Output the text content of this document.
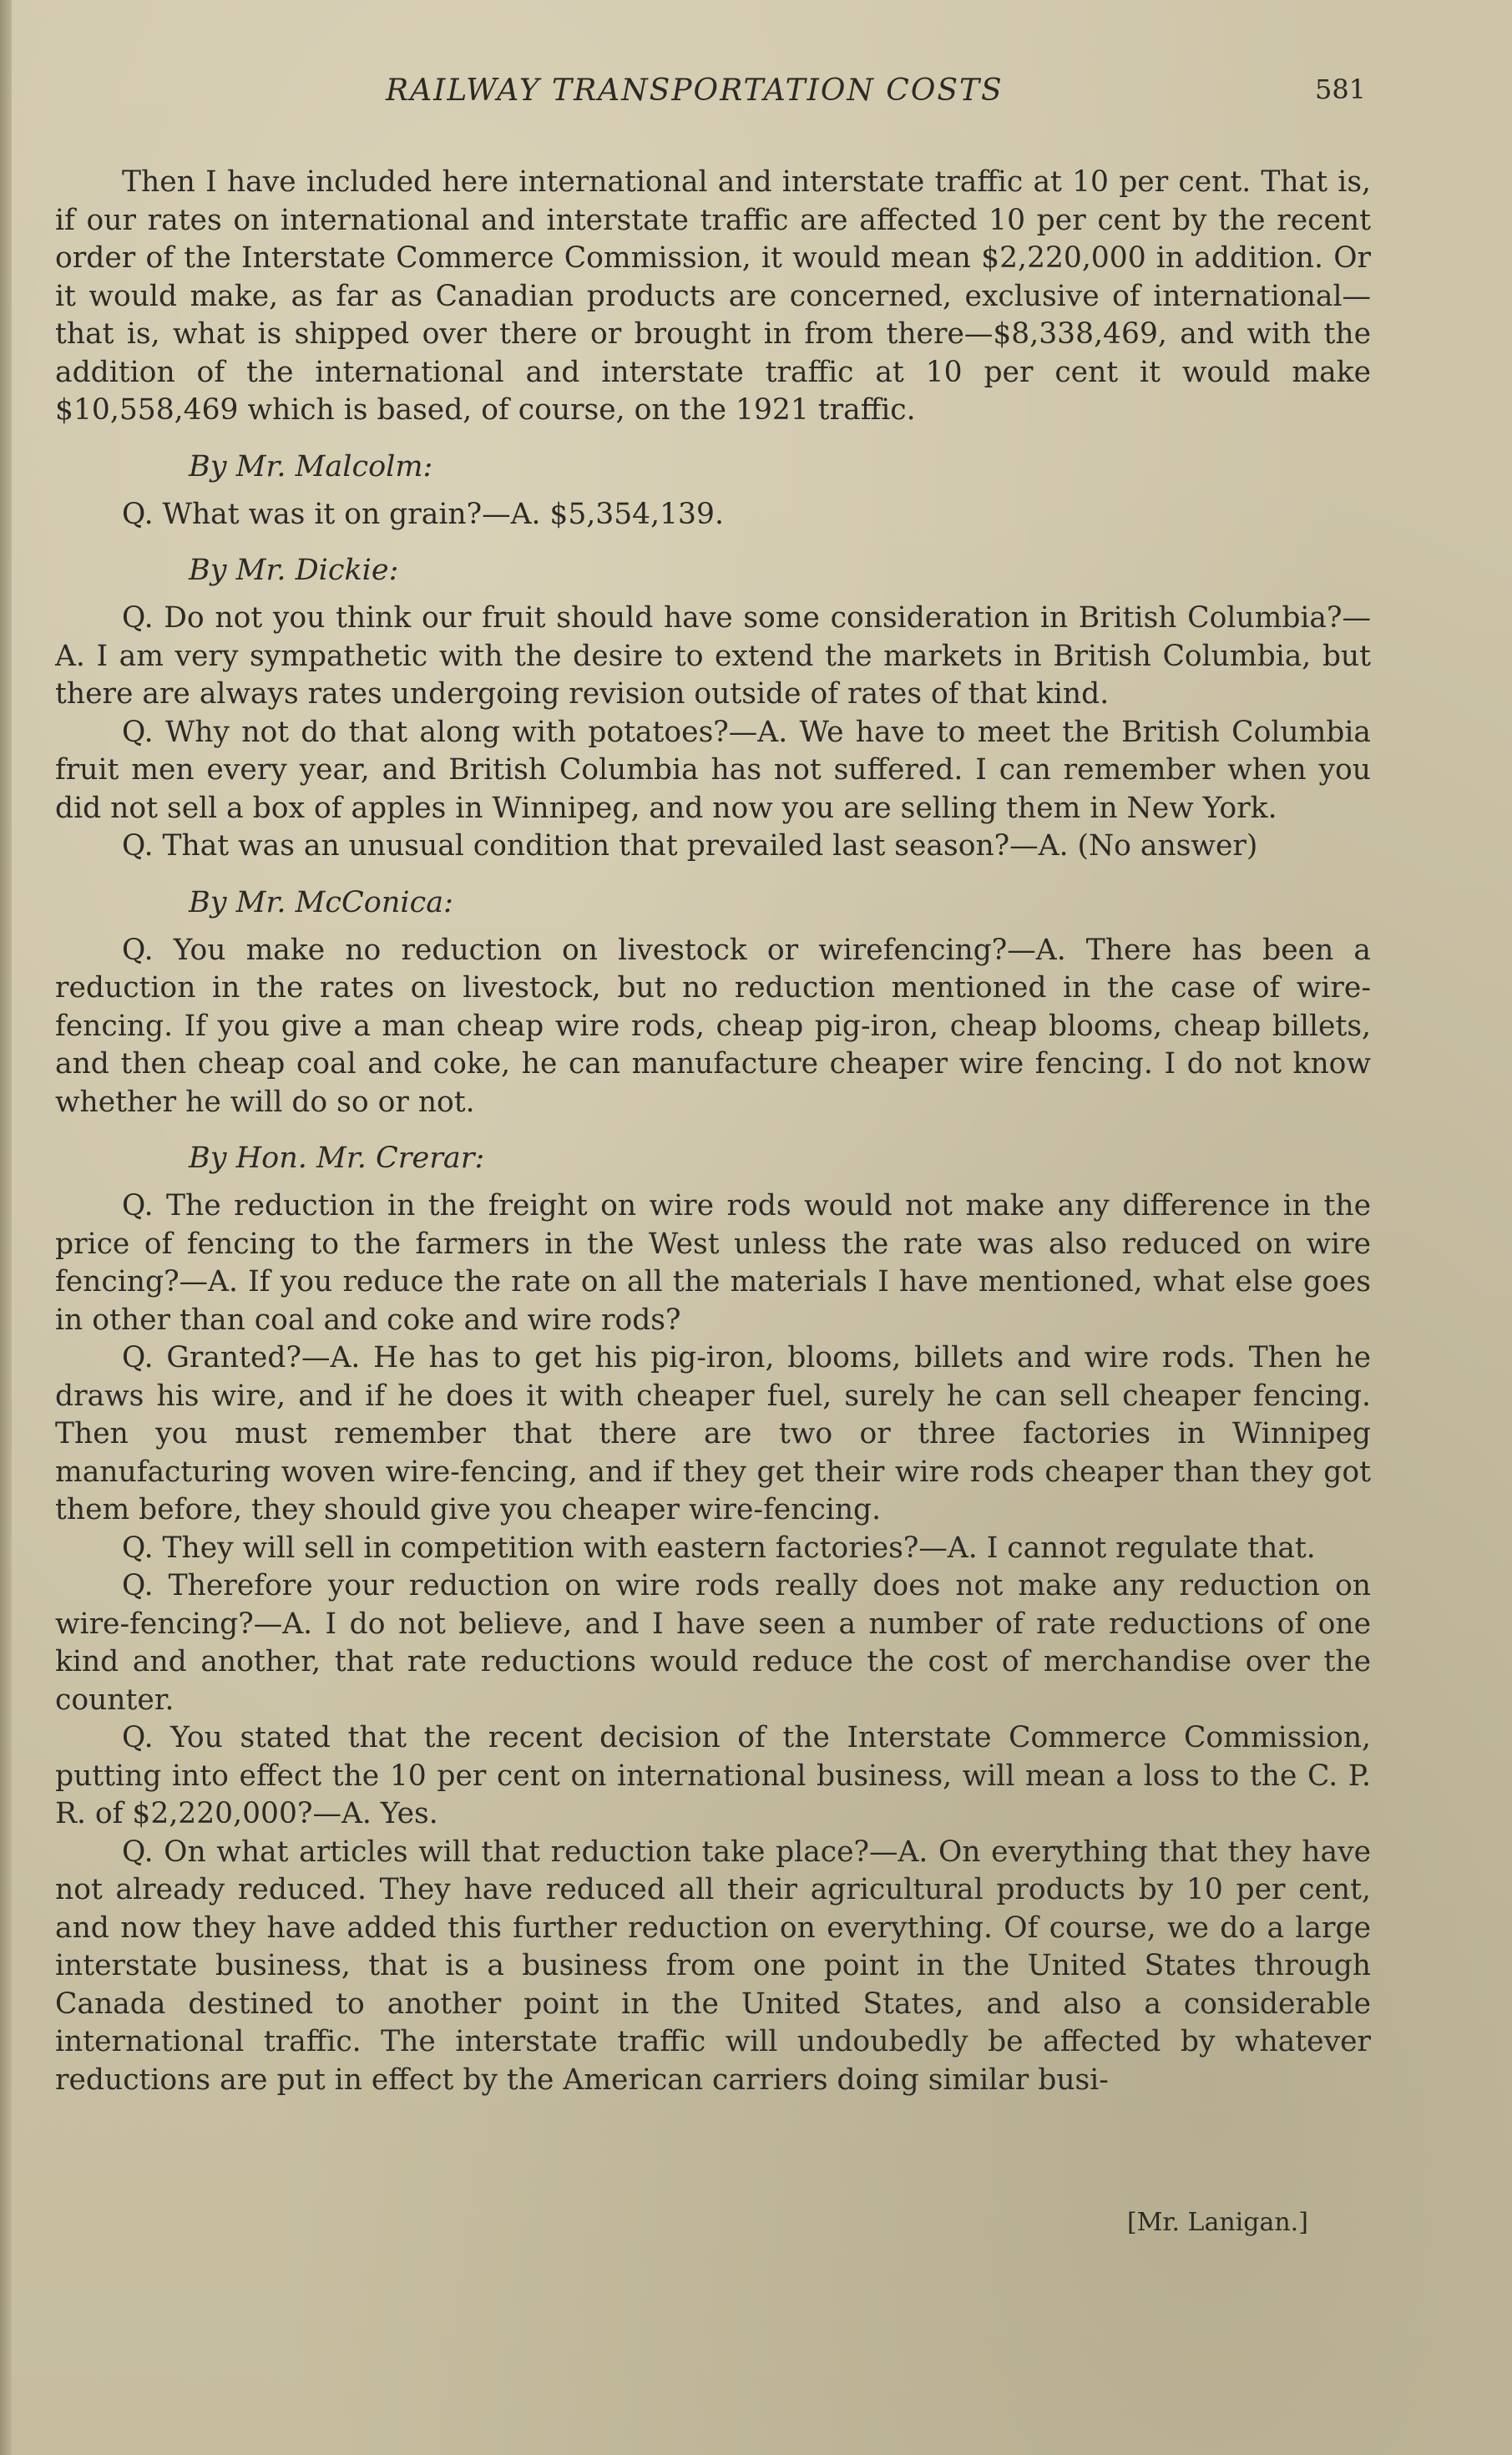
RAILWAY TRANSPORTATION COSTS	581

Then I have included here international and interstate traffic at 10 per cent. That is, if our rates on international and interstate traffic are affected 10 per cent by the recent order of the Interstate Commerce Commission, it would mean $2,220,000 in addition. Or it would make, as far as Canadian products are concerned, exclusive of international—that is, what is shipped over there or brought in from there—$8,338,469, and with the addition of the international and interstate traffic at 10 per cent it would make $10,558,469 which is based, of course, on the 1921 traffic.

By Mr. Malcolm:

Q. What was it on grain?—A. $5,354,139.

By Mr. Dickie:

Q. Do not you think our fruit should have some consideration in British Columbia?—A. I am very sympathetic with the desire to extend the markets in British Columbia, but there are always rates undergoing revision outside of rates of that kind.

Q. Why not do that along with potatoes?—A. We have to meet the British Columbia fruit men every year, and British Columbia has not suffered. I can remember when you did not sell a box of apples in Winnipeg, and now you are selling them in New York.

Q. That was an unusual condition that prevailed last season?—A. (No answer)

By Mr. McConica:

Q. You make no reduction on livestock or wirefencing?—A. There has been a reduction in the rates on livestock, but no reduction mentioned in the case of wire-fencing. If you give a man cheap wire rods, cheap pig-iron, cheap blooms, cheap billets, and then cheap coal and coke, he can manufacture cheaper wire fencing. I do not know whether he will do so or not.

By Hon. Mr. Crerar:

Q. The reduction in the freight on wire rods would not make any difference in the price of fencing to the farmers in the West unless the rate was also reduced on wire fencing?—A. If you reduce the rate on all the materials I have mentioned, what else goes in other than coal and coke and wire rods?

Q. Granted?—A. He has to get his pig-iron, blooms, billets and wire rods. Then he draws his wire, and if he does it with cheaper fuel, surely he can sell cheaper fencing. Then you must remember that there are two or three factories in Winnipeg manufacturing woven wire-fencing, and if they get their wire rods cheaper than they got them before, they should give you cheaper wire-fencing.

Q. They will sell in competition with eastern factories?—A. I cannot regulate that.

Q. Therefore your reduction on wire rods really does not make any reduction on wire-fencing?—A. I do not believe, and I have seen a number of rate reductions of one kind and another, that rate reductions would reduce the cost of merchandise over the counter.

Q. You stated that the recent decision of the Interstate Commerce Commission, putting into effect the 10 per cent on international business, will mean a loss to the C. P. R. of $2,220,000?—A. Yes.

Q. On what articles will that reduction take place?—A. On everything that they have not already reduced. They have reduced all their agricultural products by 10 per cent, and now they have added this further reduction on everything. Of course, we do a large interstate business, that is a business from one point in the United States through Canada destined to another point in the United States, and also a considerable international traffic. The interstate traffic will undoubedly be affected by whatever reductions are put in effect by the American carriers doing similar busi-

[Mr. Lanigan.]
